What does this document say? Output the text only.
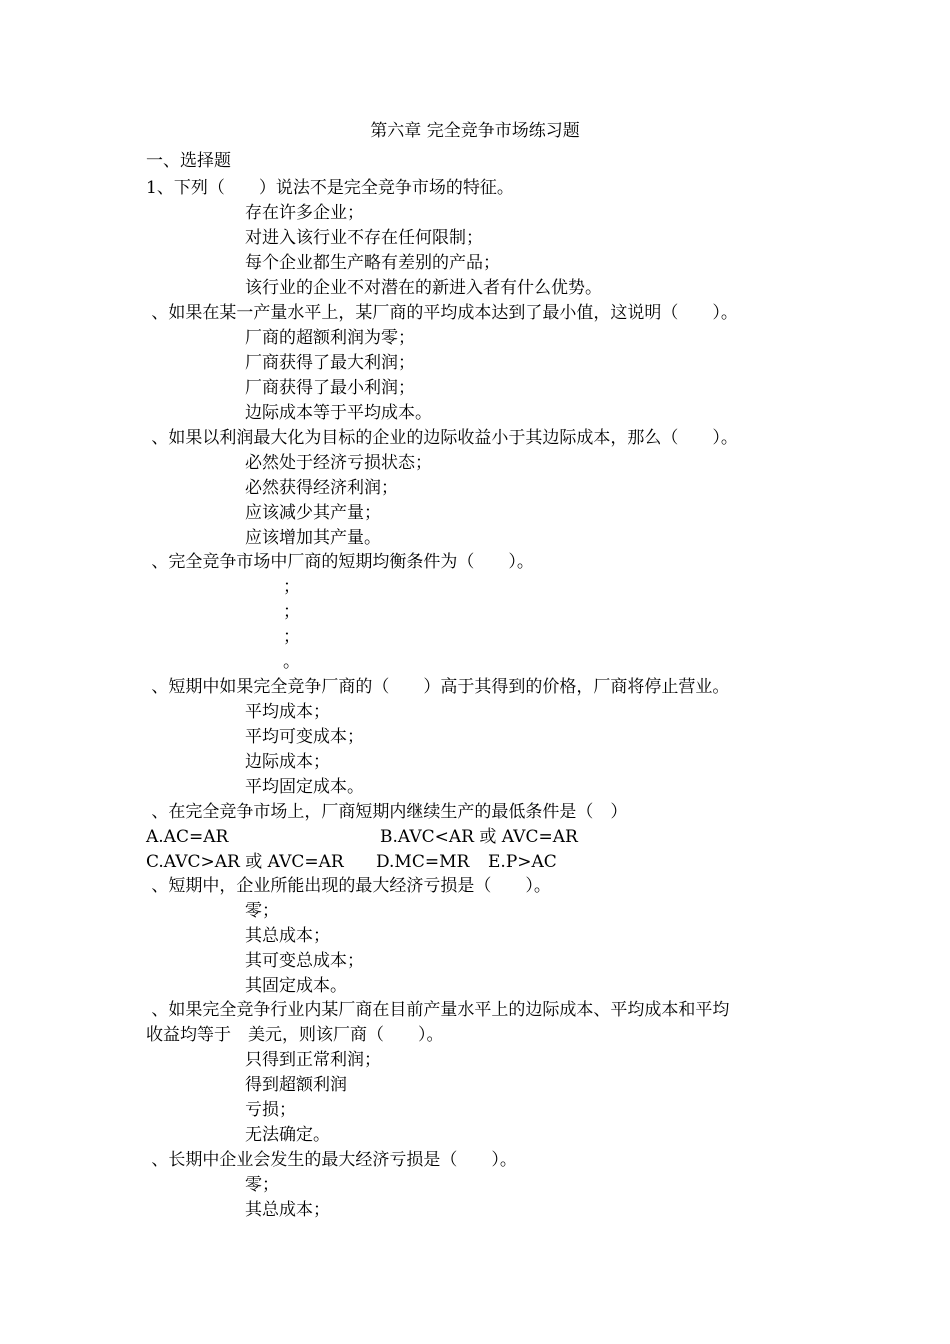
第六章 完全竞争市场练习题
一、选择题
1、下列（　　）说法不是完全竞争市场的特征。
存在许多企业；
对进入该行业不存在任何限制；
每个企业都生产略有差别的产品；
该行业的企业不对潜在的新进入者有什么优势。
、如果在某一产量水平上，某厂商的平均成本达到了最小值，这说明（　　）。
厂商的超额利润为零；
厂商获得了最大利润；
厂商获得了最小利润；
边际成本等于平均成本。
、如果以利润最大化为目标的企业的边际收益小于其边际成本，那么（　　）。
必然处于经济亏损状态；
必然获得经济利润；
应该减少其产量；
应该增加其产量。
、完全竞争市场中厂商的短期均衡条件为（　　）。
；
；
；
。
、短期中如果完全竞争厂商的（　　）高于其得到的价格，厂商将停止营业。
平均成本；
平均可变成本；
边际成本；
平均固定成本。
、在完全竞争市场上，厂商短期内继续生产的最低条件是（　）
A.AC=AR	B.AVC<AR 或 AVC=AR
C.AVC>AR 或 AVC=AR D.MC=MR E.P>AC
、短期中，企业所能出现的最大经济亏损是（　　）。
零；
其总成本；
其可变总成本；
其固定成本。
、如果完全竞争行业内某厂商在目前产量水平上的边际成本、平均成本和平均
收益均等于　美元，则该厂商（　　）。
只得到正常利润；
得到超额利润
亏损；
无法确定。
、长期中企业会发生的最大经济亏损是（　　）。
零；
其总成本；
